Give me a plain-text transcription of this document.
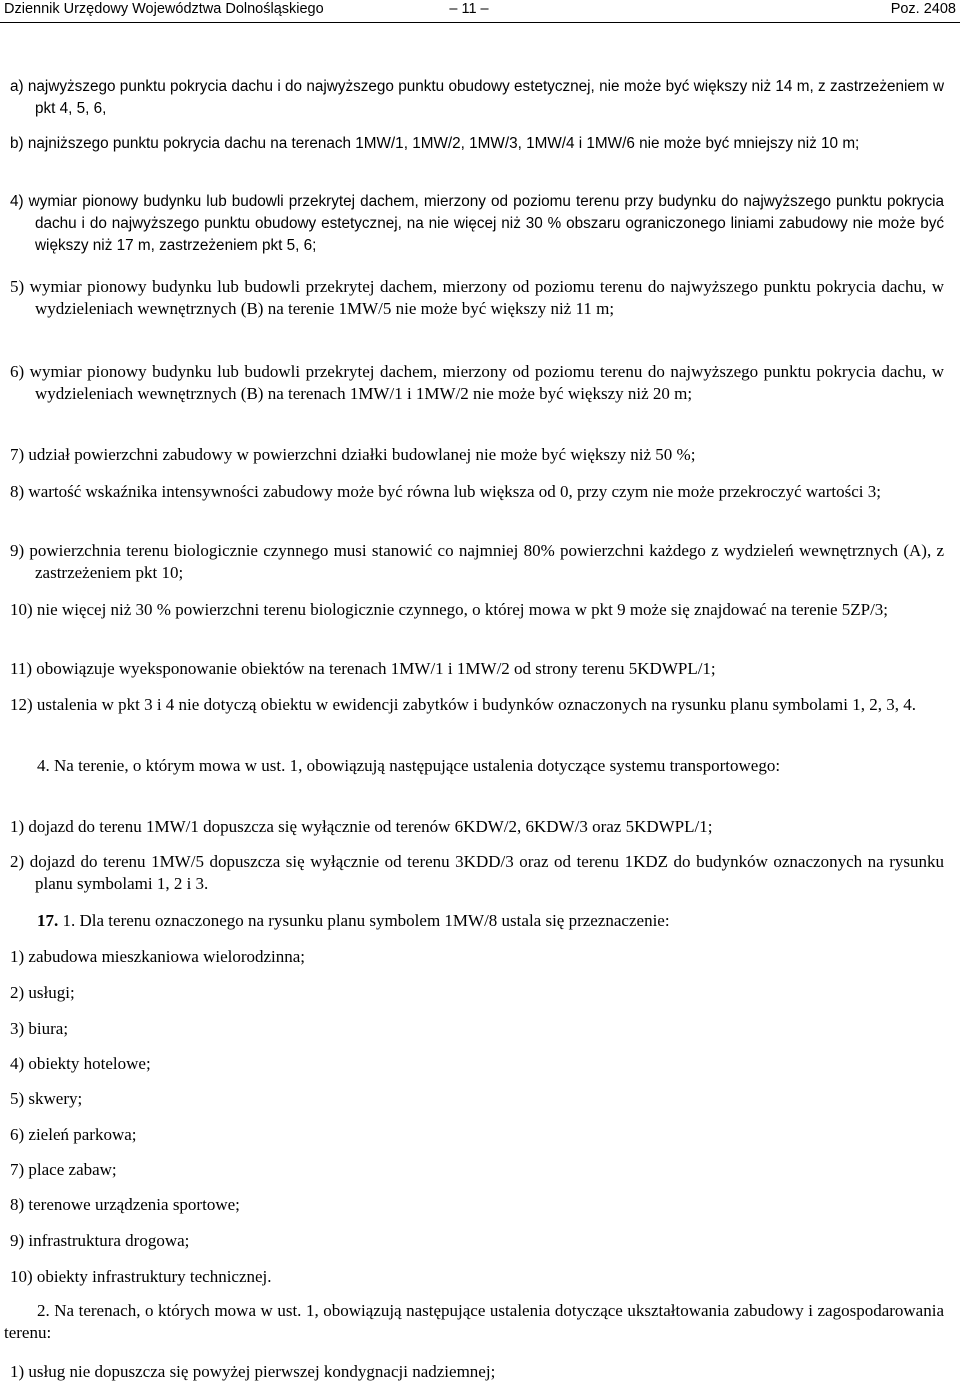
Dziennik Urzędowy Województwa Dolnośląskiego	– 11 –	Poz. 2408

a) najwyższego punktu pokrycia dachu i do najwyższego punktu obudowy estetycznej, nie może być większy niż 14 m, z zastrzeżeniem w pkt 4, 5, 6,

b) najniższego punktu pokrycia dachu na terenach 1MW/1, 1MW/2, 1MW/3, 1MW/4 i 1MW/6 nie może być mniejszy niż 10 m;

4) wymiar pionowy budynku lub budowli przekrytej dachem, mierzony od poziomu terenu przy budynku do najwyższego punktu pokrycia dachu i do najwyższego punktu obudowy estetycznej, na nie więcej niż 30 % obszaru ograniczonego liniami zabudowy nie może być większy niż 17 m, zastrzeżeniem pkt 5, 6;

5) wymiar pionowy budynku lub budowli przekrytej dachem, mierzony od poziomu terenu do najwyższego punktu pokrycia dachu, w wydzieleniach wewnętrznych (B) na terenie 1MW/5 nie może być większy niż 11 m;

6) wymiar pionowy budynku lub budowli przekrytej dachem, mierzony od poziomu terenu do najwyższego punktu pokrycia dachu, w wydzieleniach wewnętrznych (B) na terenach 1MW/1 i 1MW/2 nie może być większy niż 20 m;

7) udział powierzchni zabudowy w powierzchni działki budowlanej nie może być większy niż 50 %;

8) wartość wskaźnika intensywności zabudowy może być równa lub większa od 0, przy czym nie może przekroczyć wartości 3;

9) powierzchnia terenu biologicznie czynnego musi stanowić co najmniej 80% powierzchni każdego z wydzieleń wewnętrznych (A), z zastrzeżeniem pkt 10;

10) nie więcej niż 30 % powierzchni terenu biologicznie czynnego, o której mowa w pkt 9 może się znajdować na terenie 5ZP/3;

11) obowiązuje wyeksponowanie obiektów na terenach 1MW/1 i 1MW/2 od strony terenu 5KDWPL/1;

12) ustalenia w pkt 3 i 4 nie dotyczą obiektu w ewidencji zabytków i budynków oznaczonych na rysunku planu symbolami 1, 2, 3, 4.

4. Na terenie, o którym mowa w ust. 1, obowiązują następujące ustalenia dotyczące systemu transportowego:

1) dojazd do terenu 1MW/1 dopuszcza się wyłącznie od terenów 6KDW/2, 6KDW/3 oraz 5KDWPL/1;

2) dojazd do terenu 1MW/5 dopuszcza się wyłącznie od terenu 3KDD/3 oraz od terenu 1KDZ do budynków oznaczonych na rysunku planu symbolami 1, 2 i 3.

17. 1. Dla terenu oznaczonego na rysunku planu symbolem 1MW/8 ustala się przeznaczenie:

1) zabudowa mieszkaniowa wielorodzinna;

2) usługi;

3) biura;

4) obiekty hotelowe;

5) skwery;

6) zieleń parkowa;

7) place zabaw;

8) terenowe urządzenia sportowe;

9) infrastruktura drogowa;

10) obiekty infrastruktury technicznej.

2. Na terenach, o których mowa w ust. 1, obowiązują następujące ustalenia dotyczące ukształtowania zabudowy i zagospodarowania terenu:

1) usług nie dopuszcza się powyżej pierwszej kondygnacji nadziemnej;
